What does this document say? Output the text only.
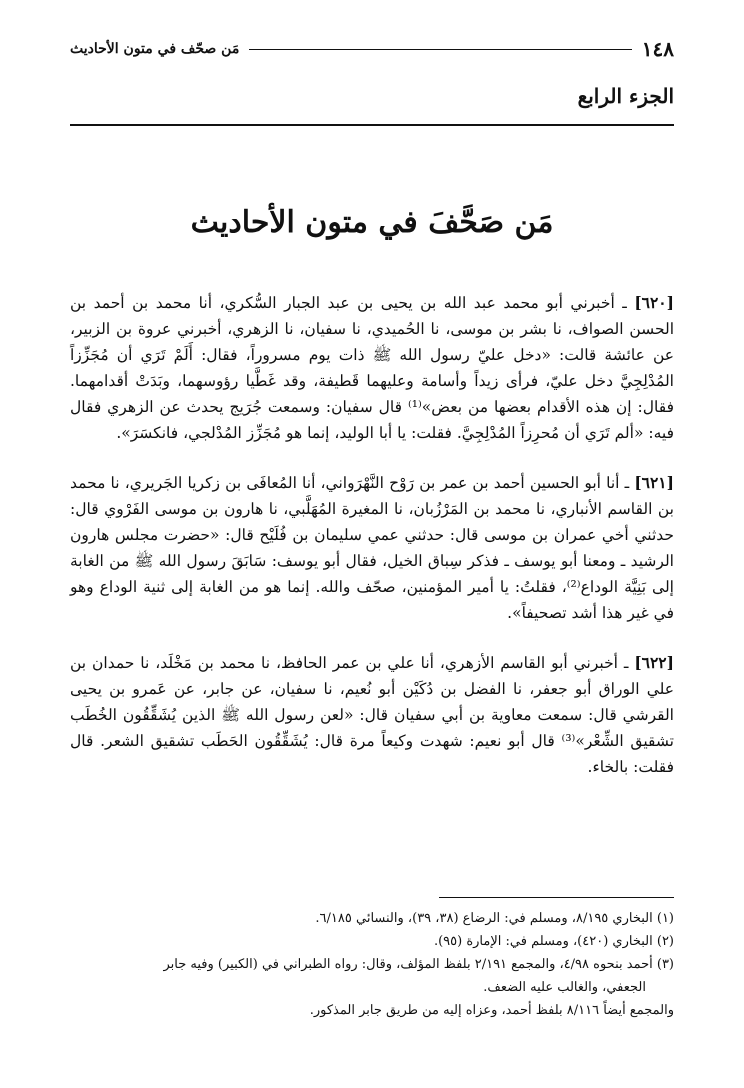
١٤٨
مَن صحّف في متون الأحاديث
الجزء الرابع
مَن صَحَّفَ في متون الأحاديث

[٦٢٠] ـ أخبرني أبو محمد عبد الله بن يحيى بن عبد الجبار السُّكري، أنا محمد بن أحمد بن الحسن الصواف، نا بشر بن موسى، نا الحُميدي، نا سفيان، نا الزهري، أخبرني عروة بن الزبير، عن عائشة قالت: «دخل عليّ رسول الله ﷺ ذات يوم مسروراً، فقال: أَلَمْ تَرَي أن مُجَزِّزاً المُدْلِجِيَّ دخل عليّ، فرأى زيداً وأسامة وعليهما قَطيفة، وقد غَطَّيا رؤوسهما، وبَدَتْ أقدامهما. فقال: إن هذه الأقدام بعضها من بعض»⁽¹⁾ قال سفيان: وسمعت جُرَيج يحدث عن الزهري فقال فيه: «ألم تَرَي أن مُحرِزاً المُدْلِجِيَّ. فقلت: يا أبا الوليد، إنما هو مُجَزِّز المُدْلجي، فانكسَرَ».

[٦٢١] ـ أنا أبو الحسين أحمد بن عمر بن رَوْح النَّهْرَواني، أنا المُعافَى بن زكريا الجَريري، نا محمد بن القاسم الأنباري، نا محمد بن المَرْزُبان، نا المغيرة المُهَلَّبي، نا هارون بن موسى الفَرْوي قال: حدثني أخي عمران بن موسى قال: حدثني عمي سليمان بن فُلَيْح قال: «حضرت مجلس هارون الرشيد ـ ومعنا أبو يوسف ـ فذكر سِباق الخيل، فقال أبو يوسف: سَابَقَ رسول الله ﷺ من الغابة إلى بَنِيَّة الوداع⁽²⁾، فقلتُ: يا أمير المؤمنين، صحّف والله. إنما هو من الغابة إلى ثنية الوداع وهو في غير هذا أشد تصحيفاً».

[٦٢٢] ـ أخبرني أبو القاسم الأزهري، أنا علي بن عمر الحافظ، نا محمد بن مَخْلَد، نا حمدان بن علي الوراق أبو جعفر، نا الفضل بن دُكَيْن أبو نُعيم، نا سفيان، عن جابر، عن عَمرو بن يحيى القرشي قال: سمعت معاوية بن أبي سفيان قال: «لعن رسول الله ﷺ الذين يُشَقِّقُون الخُطَب تشقيق الشِّعْر»⁽³⁾ قال أبو نعيم: شهدت وكيعاً مرة قال: يُشَقِّقُون الحَطَب تشقيق الشعر. قال فقلت: بالخاء.

(١) البخاري ٨/١٩٥، ومسلم في: الرضاع (٣٨، ٣٩)، والنسائي ٦/١٨٥.

(٢) البخاري (٤٢٠)، ومسلم في: الإمارة (٩٥).

(٣) أحمد بنحوه ٤/٩٨، والمجمع ٢/١٩١ بلفظ المؤلف، وقال: رواه الطبراني في (الكبير) وفيه جابر

الجعفي، والغالب عليه الضعف.

والمجمع أيضاً ٨/١١٦ بلفظ أحمد، وعزاه إليه من طريق جابر المذكور.
